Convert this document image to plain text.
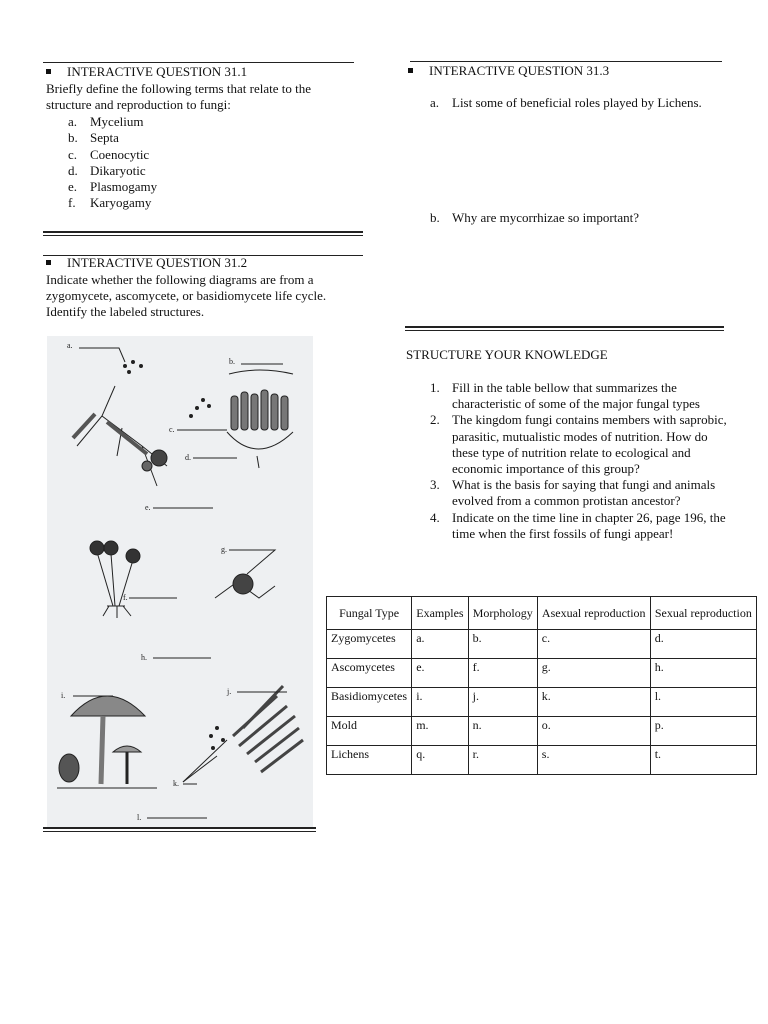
INTERACTIVE QUESTION 31.1
Briefly define the following terms that relate to the structure and reproduction to fungi:
a. Mycelium
b. Septa
c. Coenocytic
d. Dikaryotic
e. Plasmogamy
f. Karyogamy
INTERACTIVE QUESTION 31.2
Indicate whether the following diagrams are from a zygomycete, ascomycete, or basidiomycete life cycle. Identify the labeled structures.
a.
b.
c.
d.
e.
f.
g.
h.
i.	j.
k.
l.
INTERACTIVE QUESTION 31.3
a. List some of beneficial roles played by Lichens.
b. Why are mycorrhizae so important?
STRUCTURE YOUR KNOWLEDGE
1. Fill in the table bellow that summarizes the characteristic of some of the major fungal types
2. The kingdom fungi contains members with saprobic, parasitic, mutualistic modes of nutrition. How do these type of nutrition relate to ecological and economic importance of this group?
3. What is the basis for saying that fungi and animals evolved from a common protistan ancestor?
4. Indicate on the time line in chapter 26, page 196, the time when the first fossils of fungi appear!
Fungal Type	Examples	Morphology	Asexual reproduction	Sexual reproduction
Zygomycetes	a.	b.	c.	d.
Ascomycetes	e.	f.	g.	h.
Basidiomycetes	i.	j.	k.	l.
Mold	m.	n.	o.	p.
Lichens	q.	r.	s.	t.
